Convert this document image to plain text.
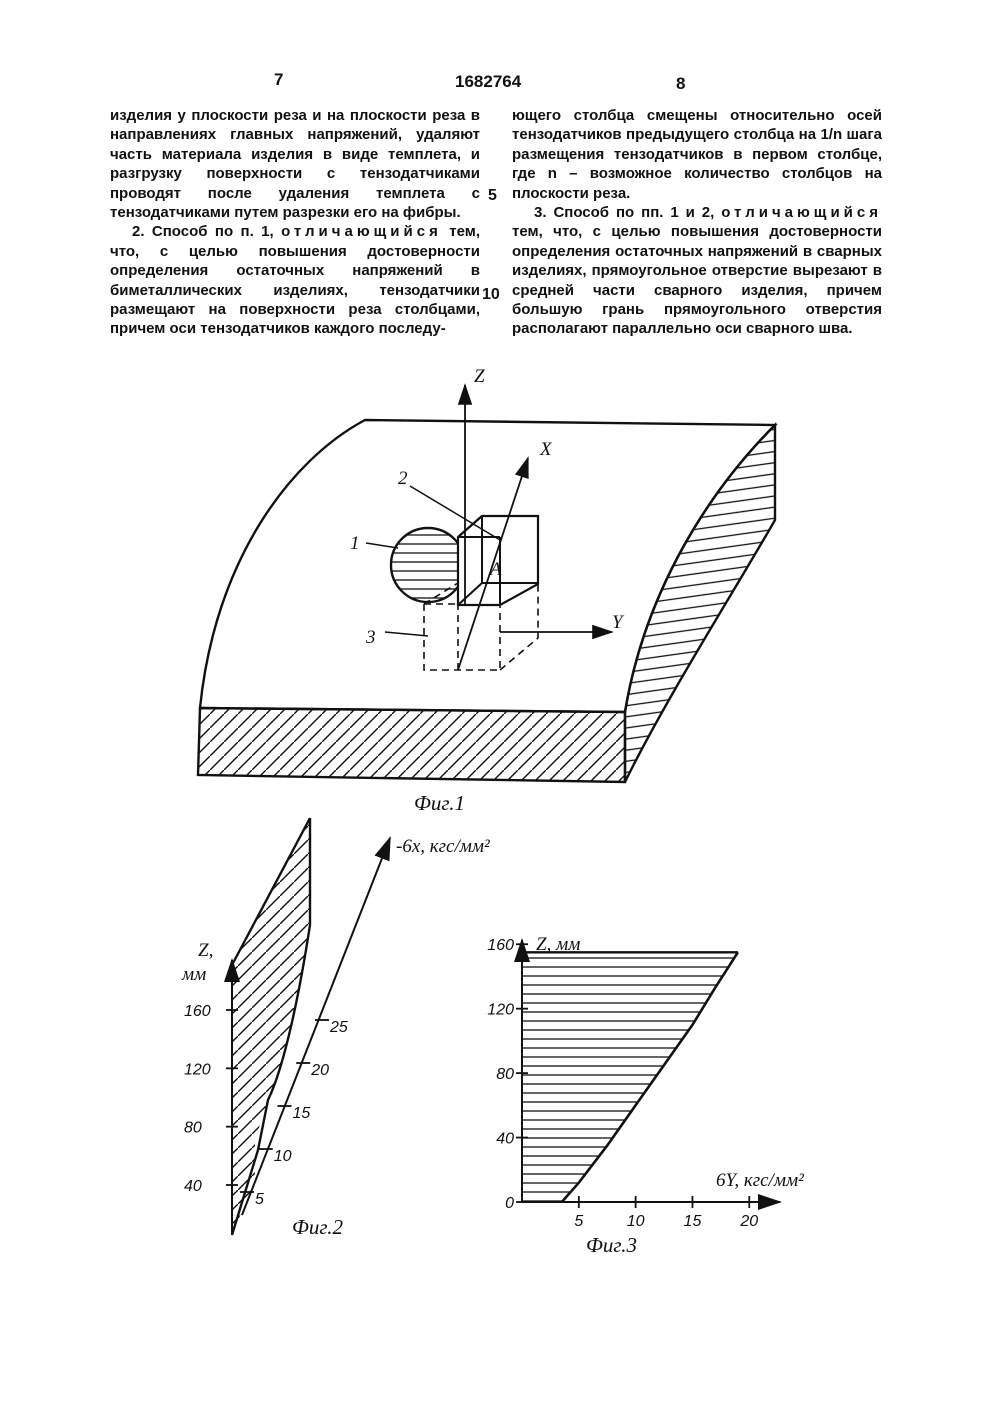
7	1682764	8

изделия у плоскости реза и на плоскости реза в направлениях главных напряжений, удаляют часть материала изделия в виде темплета, и разгрузку поверхности с тензодатчиками проводят после удаления темплета с тензодатчиками путем разрезки его на фибры.

2. Способ по п. 1, отличающийся тем, что, с целью повышения достоверности определения остаточных напряжений в биметаллических изделиях, тензодатчики размещают на поверхности реза столбцами, причем оси тензодатчиков каждого последу-

5
10

ющего столбца смещены относительно осей тензодатчиков предыдущего столбца на 1/n шага размещения тензодатчиков в первом столбце, где n – возможное количество столбцов на плоскости реза.

3. Способ по пп. 1 и 2, отличающийся тем, что, с целью повышения достоверности определения остаточных напряжений в сварных изделиях, прямоугольное отверстие вырезают в средней части сварного изделия, причем большую грань прямоугольного отверстия располагают параллельно оси сварного шва.

Z
X
Y
1
2
3
A
Фиг.1
160
120
80
40
5
10
15
20
25
Z,
мм
-6x, кгс/мм²
Фиг.2
160
120
80
40
0
5	10 15 20
Z, мм
6Y, кгс/мм²
Фиг.3
